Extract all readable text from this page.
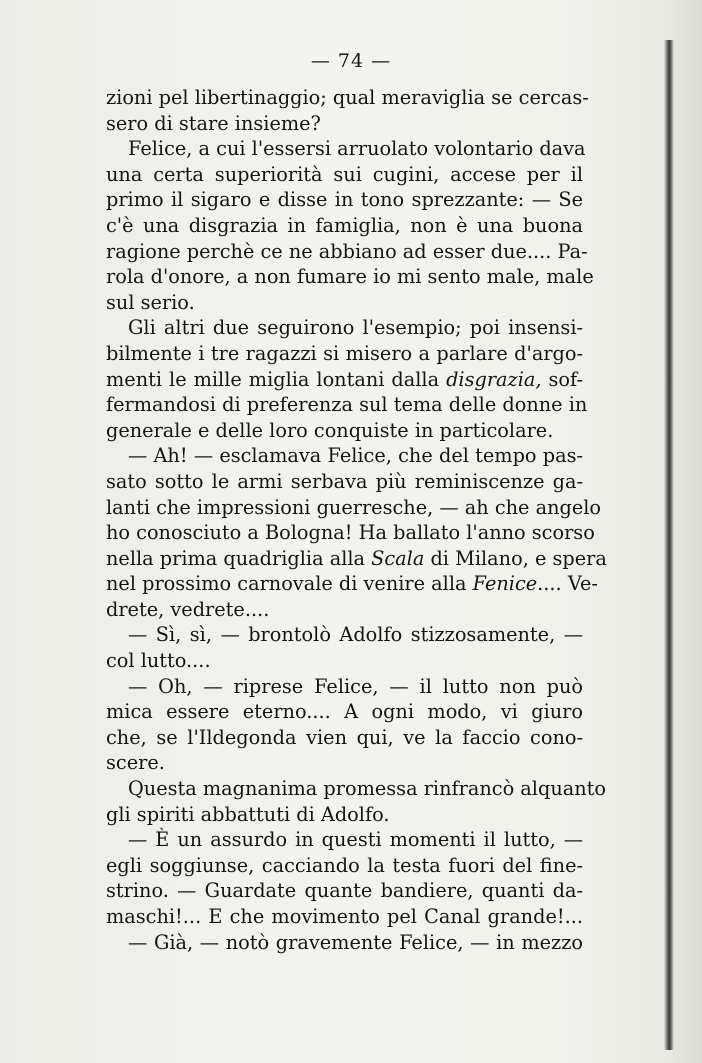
— 74 —
zioni pel libertinaggio; qual meraviglia se cercas-
sero di stare insieme?
Felice, a cui l'essersi arruolato volontario dava
una certa superiorità sui cugini, accese per il
primo il sigaro e disse in tono sprezzante: — Se
c'è una disgrazia in famiglia, non è una buona
ragione perchè ce ne abbiano ad esser due.... Pa-
rola d'onore, a non fumare io mi sento male, male
sul serio.
Gli altri due seguirono l'esempio; poi insensi-
bilmente i tre ragazzi si misero a parlare d'argo-
menti le mille miglia lontani dalla disgrazia, sof-
fermandosi di preferenza sul tema delle donne in
generale e delle loro conquiste in particolare.
— Ah! — esclamava Felice, che del tempo pas-
sato sotto le armi serbava più reminiscenze ga-
lanti che impressioni guerresche, — ah che angelo
ho conosciuto a Bologna! Ha ballato l'anno scorso
nella prima quadriglia alla Scala di Milano, e spera
nel prossimo carnovale di venire alla Fenice.... Ve-
drete, vedrete....
— Sì, sì, — brontolò Adolfo stizzosamente, —
col lutto....
— Oh, — riprese Felice, — il lutto non può
mica essere eterno.... A ogni modo, vi giuro
che, se l'Ildegonda vien qui, ve la faccio cono-
scere.
Questa magnanima promessa rinfrancò alquanto
gli spiriti abbattuti di Adolfo.
— È un assurdo in questi momenti il lutto, —
egli soggiunse, cacciando la testa fuori del fine-
strino. — Guardate quante bandiere, quanti da-
maschi!... E che movimento pel Canal grande!...
— Già, — notò gravemente Felice, — in mezzo
